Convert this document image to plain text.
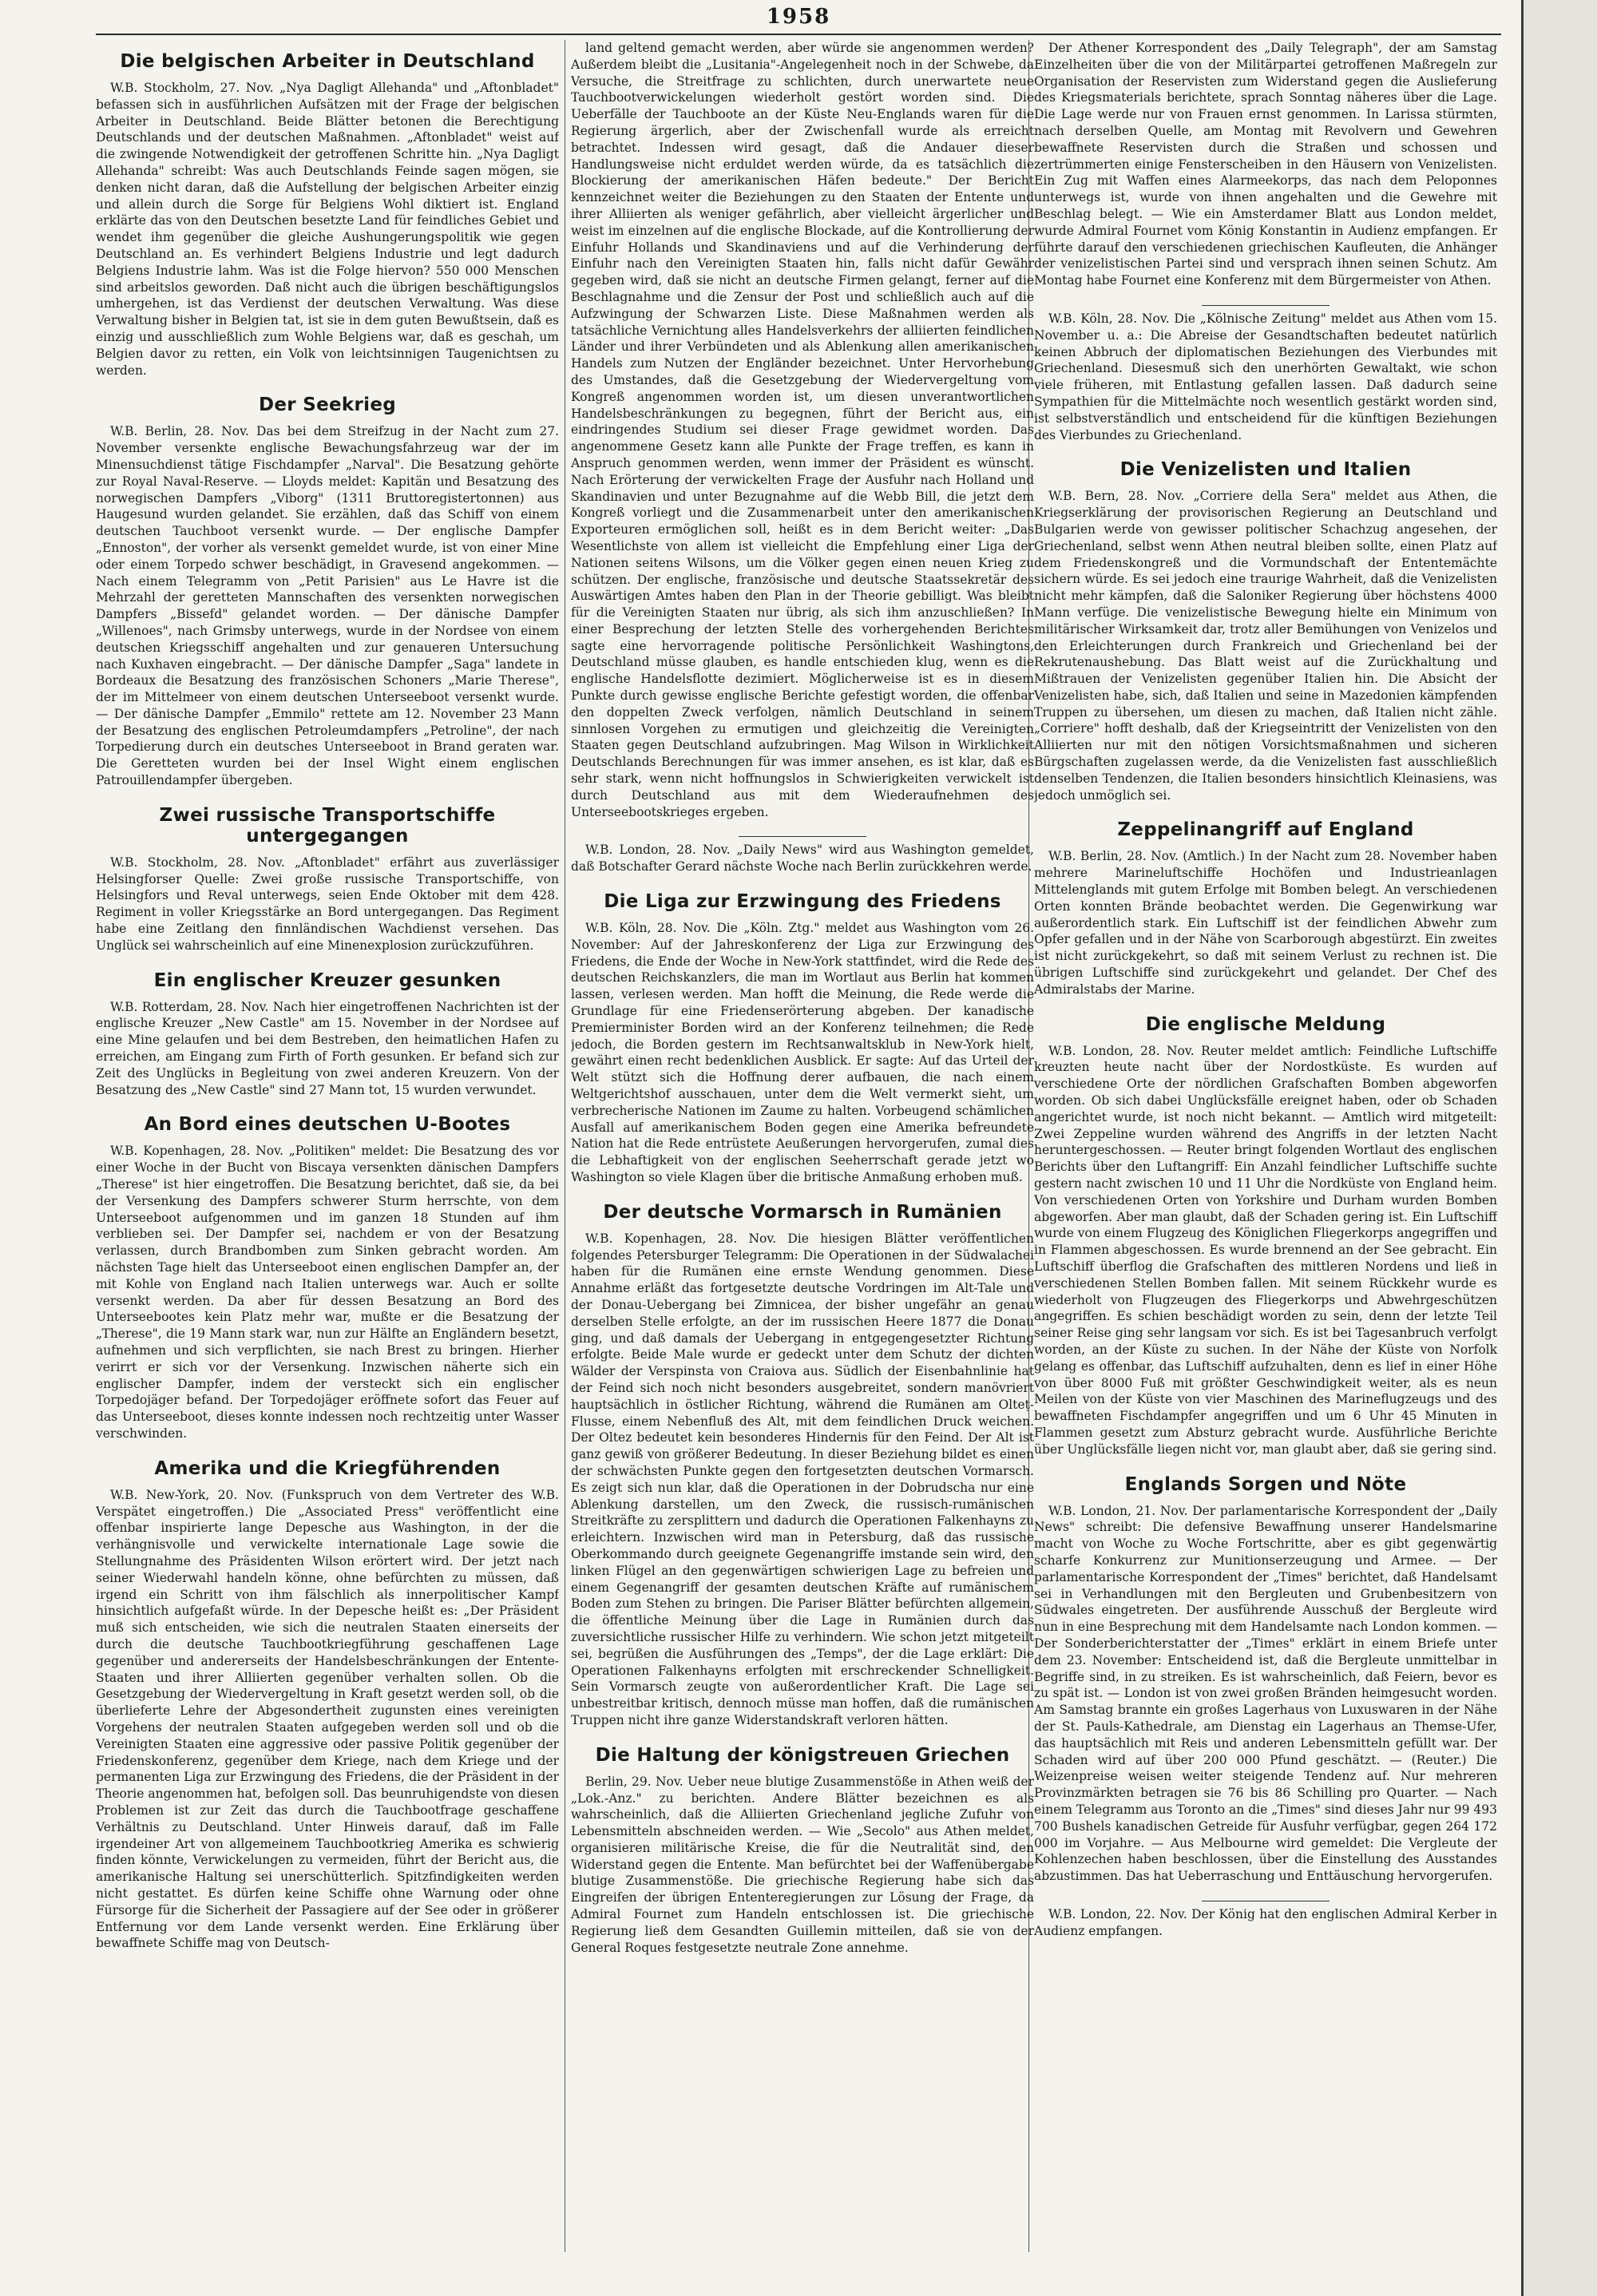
1958
Die belgischen Arbeiter in Deutschland

W.B. Stockholm, 27. Nov. „Nya Dagligt Allehanda" und „Aftonbladet" befassen sich in ausführlichen Aufsätzen mit der Frage der belgischen Arbeiter in Deutschland. Beide Blätter betonen die Berechtigung Deutschlands und der deutschen Maßnahmen. „Aftonbladet" weist auf die zwingende Notwendigkeit der getroffenen Schritte hin. „Nya Dagligt Allehanda" schreibt: Was auch Deutschlands Feinde sagen mögen, sie denken nicht daran, daß die Aufstellung der belgischen Arbeiter einzig und allein durch die Sorge für Belgiens Wohl diktiert ist. England erklärte das von den Deutschen besetzte Land für feindliches Gebiet und wendet ihm gegenüber die gleiche Aushungerungspolitik wie gegen Deutschland an. Es verhindert Belgiens Industrie und legt dadurch Belgiens Industrie lahm. Was ist die Folge hiervon? 550 000 Menschen sind arbeitslos geworden. Daß nicht auch die übrigen beschäftigungslos umhergehen, ist das Verdienst der deutschen Verwaltung. Was diese Verwaltung bisher in Belgien tat, ist sie in dem guten Bewußtsein, daß es einzig und ausschließlich zum Wohle Belgiens war, daß es geschah, um Belgien davor zu retten, ein Volk von leichtsinnigen Taugenichtsen zu werden.

Der Seekrieg

W.B. Berlin, 28. Nov. Das bei dem Streifzug in der Nacht zum 27. November versenkte englische Bewachungsfahrzeug war der im Minensuchdienst tätige Fischdampfer „Narval". Die Besatzung gehörte zur Royal Naval-Reserve. — Lloyds meldet: Kapitän und Besatzung des norwegischen Dampfers „Viborg" (1311 Bruttoregistertonnen) aus Haugesund wurden gelandet. Sie erzählen, daß das Schiff von einem deutschen Tauchboot versenkt wurde. — Der englische Dampfer „Ennoston", der vorher als versenkt gemeldet wurde, ist von einer Mine oder einem Torpedo schwer beschädigt, in Gravesend angekommen. — Nach einem Telegramm von „Petit Parisien" aus Le Havre ist die Mehrzahl der geretteten Mannschaften des versenkten norwegischen Dampfers „Bissefd" gelandet worden. — Der dänische Dampfer „Willenoes", nach Grimsby unterwegs, wurde in der Nordsee von einem deutschen Kriegsschiff angehalten und zur genaueren Untersuchung nach Kuxhaven eingebracht. — Der dänische Dampfer „Saga" landete in Bordeaux die Besatzung des französischen Schoners „Marie Therese", der im Mittelmeer von einem deutschen Unterseeboot versenkt wurde. — Der dänische Dampfer „Emmilo" rettete am 12. November 23 Mann der Besatzung des englischen Petroleumdampfers „Petroline", der nach Torpedierung durch ein deutsches Unterseeboot in Brand geraten war. Die Geretteten wurden bei der Insel Wight einem englischen Patrouillendampfer übergeben.

Zwei russische Transportschiffe untergegangen

W.B. Stockholm, 28. Nov. „Aftonbladet" erfährt aus zuverlässiger Helsingforser Quelle: Zwei große russische Transportschiffe, von Helsingfors und Reval unterwegs, seien Ende Oktober mit dem 428. Regiment in voller Kriegsstärke an Bord untergegangen. Das Regiment habe eine Zeitlang den finnländischen Wachdienst versehen. Das Unglück sei wahrscheinlich auf eine Minenexplosion zurückzuführen.

Ein englischer Kreuzer gesunken

W.B. Rotterdam, 28. Nov. Nach hier eingetroffenen Nachrichten ist der englische Kreuzer „New Castle" am 15. November in der Nordsee auf eine Mine gelaufen und bei dem Bestreben, den heimatlichen Hafen zu erreichen, am Eingang zum Firth of Forth gesunken. Er befand sich zur Zeit des Unglücks in Begleitung von zwei anderen Kreuzern. Von der Besatzung des „New Castle" sind 27 Mann tot, 15 wurden verwundet.

An Bord eines deutschen U-Bootes

W.B. Kopenhagen, 28. Nov. „Politiken" meldet: Die Besatzung des vor einer Woche in der Bucht von Biscaya versenkten dänischen Dampfers „Therese" ist hier eingetroffen. Die Besatzung berichtet, daß sie, da bei der Versenkung des Dampfers schwerer Sturm herrschte, von dem Unterseeboot aufgenommen und im ganzen 18 Stunden auf ihm verblieben sei. Der Dampfer sei, nachdem er von der Besatzung verlassen, durch Brandbomben zum Sinken gebracht worden. Am nächsten Tage hielt das Unterseeboot einen englischen Dampfer an, der mit Kohle von England nach Italien unterwegs war. Auch er sollte versenkt werden. Da aber für dessen Besatzung an Bord des Unterseebootes kein Platz mehr war, mußte er die Besatzung der „Therese", die 19 Mann stark war, nun zur Hälfte an Engländern besetzt, aufnehmen und sich verpflichten, sie nach Brest zu bringen. Hierher verirrt er sich vor der Versenkung. Inzwischen näherte sich ein englischer Dampfer, indem der versteckt sich ein englischer Torpedojäger befand. Der Torpedojäger eröffnete sofort das Feuer auf das Unterseeboot, dieses konnte indessen noch rechtzeitig unter Wasser verschwinden.

Amerika und die Kriegführenden

W.B. New-York, 20. Nov. (Funkspruch von dem Vertreter des W.B. Verspätet eingetroffen.) Die „Associated Press" veröffentlicht eine offenbar inspirierte lange Depesche aus Washington, in der die verhängnisvolle und verwickelte internationale Lage sowie die Stellungnahme des Präsidenten Wilson erörtert wird. Der jetzt nach seiner Wiederwahl handeln könne, ohne befürchten zu müssen, daß irgend ein Schritt von ihm fälschlich als innerpolitischer Kampf hinsichtlich aufgefaßt würde. In der Depesche heißt es: „Der Präsident muß sich entscheiden, wie sich die neutralen Staaten einerseits der durch die deutsche Tauchbootkriegführung geschaffenen Lage gegenüber und andererseits der Handelsbeschränkungen der Entente-Staaten und ihrer Alliierten gegenüber verhalten sollen. Ob die Gesetzgebung der Wiedervergeltung in Kraft gesetzt werden soll, ob die überlieferte Lehre der Abgesondertheit zugunsten eines vereinigten Vorgehens der neutralen Staaten aufgegeben werden soll und ob die Vereinigten Staaten eine aggressive oder passive Politik gegenüber der Friedenskonferenz, gegenüber dem Kriege, nach dem Kriege und der permanenten Liga zur Erzwingung des Friedens, die der Präsident in der Theorie angenommen hat, befolgen soll. Das beunruhigendste von diesen Problemen ist zur Zeit das durch die Tauchbootfrage geschaffene Verhältnis zu Deutschland. Unter Hinweis darauf, daß im Falle irgendeiner Art von allgemeinem Tauchbootkrieg Amerika es schwierig finden könnte, Verwickelungen zu vermeiden, führt der Bericht aus, die amerikanische Haltung sei unerschütterlich. Spitzfindigkeiten werden nicht gestattet. Es dürfen keine Schiffe ohne Warnung oder ohne Fürsorge für die Sicherheit der Passagiere auf der See oder in größerer Entfernung vor dem Lande versenkt werden. Eine Erklärung über bewaffnete Schiffe mag von Deutsch-

land geltend gemacht werden, aber würde sie angenommen werden? Außerdem bleibt die „Lusitania"-Angelegenheit noch in der Schwebe, da Versuche, die Streitfrage zu schlichten, durch unerwartete neue Tauchbootverwickelungen wiederholt gestört worden sind. Die Ueberfälle der Tauchboote an der Küste Neu-Englands waren für die Regierung ärgerlich, aber der Zwischenfall wurde als erreicht betrachtet. Indessen wird gesagt, daß die Andauer dieser Handlungsweise nicht erduldet werden würde, da es tatsächlich die Blockierung der amerikanischen Häfen bedeute." Der Bericht kennzeichnet weiter die Beziehungen zu den Staaten der Entente und ihrer Alliierten als weniger gefährlich, aber vielleicht ärgerlicher und weist im einzelnen auf die englische Blockade, auf die Kontrollierung der Einfuhr Hollands und Skandinaviens und auf die Verhinderung der Einfuhr nach den Vereinigten Staaten hin, falls nicht dafür Gewähr gegeben wird, daß sie nicht an deutsche Firmen gelangt, ferner auf die Beschlagnahme und die Zensur der Post und schließlich auch auf die Aufzwingung der Schwarzen Liste. Diese Maßnahmen werden als tatsächliche Vernichtung alles Handelsverkehrs der alliierten feindlichen Länder und ihrer Verbündeten und als Ablenkung allen amerikanischen Handels zum Nutzen der Engländer bezeichnet. Unter Hervorhebung des Umstandes, daß die Gesetzgebung der Wiedervergeltung vom Kongreß angenommen worden ist, um diesen unverantwortlichen Handelsbeschränkungen zu begegnen, führt der Bericht aus, ein eindringendes Studium sei dieser Frage gewidmet worden. Das angenommene Gesetz kann alle Punkte der Frage treffen, es kann in Anspruch genommen werden, wenn immer der Präsident es wünscht. Nach Erörterung der verwickelten Frage der Ausfuhr nach Holland und Skandinavien und unter Bezugnahme auf die Webb Bill, die jetzt dem Kongreß vorliegt und die Zusammenarbeit unter den amerikanischen Exporteuren ermöglichen soll, heißt es in dem Bericht weiter: „Das Wesentlichste von allem ist vielleicht die Empfehlung einer Liga der Nationen seitens Wilsons, um die Völker gegen einen neuen Krieg zu schützen. Der englische, französische und deutsche Staatssekretär des Auswärtigen Amtes haben den Plan in der Theorie gebilligt. Was bleibt für die Vereinigten Staaten nur übrig, als sich ihm anzuschließen? In einer Besprechung der letzten Stelle des vorhergehenden Berichtes sagte eine hervorragende politische Persönlichkeit Washingtons, Deutschland müsse glauben, es handle entschieden klug, wenn es die englische Handelsflotte dezimiert. Möglicherweise ist es in diesem Punkte durch gewisse englische Berichte gefestigt worden, die offenbar den doppelten Zweck verfolgen, nämlich Deutschland in seinem sinnlosen Vorgehen zu ermutigen und gleichzeitig die Vereinigten Staaten gegen Deutschland aufzubringen. Mag Wilson in Wirklichkeit Deutschlands Berechnungen für was immer ansehen, es ist klar, daß es sehr stark, wenn nicht hoffnungslos in Schwierigkeiten verwickelt ist durch Deutschland aus mit dem Wiederaufnehmen des Unterseebootskrieges ergeben.

W.B. London, 28. Nov. „Daily News" wird aus Washington gemeldet, daß Botschafter Gerard nächste Woche nach Berlin zurückkehren werde.

Die Liga zur Erzwingung des Friedens

W.B. Köln, 28. Nov. Die „Köln. Ztg." meldet aus Washington vom 26. November: Auf der Jahreskonferenz der Liga zur Erzwingung des Friedens, die Ende der Woche in New-York stattfindet, wird die Rede des deutschen Reichskanzlers, die man im Wortlaut aus Berlin hat kommen lassen, verlesen werden. Man hofft die Meinung, die Rede werde die Grundlage für eine Friedenserörterung abgeben. Der kanadische Premierminister Borden wird an der Konferenz teilnehmen; die Rede jedoch, die Borden gestern im Rechtsanwaltsklub in New-York hielt, gewährt einen recht bedenklichen Ausblick. Er sagte: Auf das Urteil der Welt stützt sich die Hoffnung derer aufbauen, die nach einem Weltgerichtshof ausschauen, unter dem die Welt vermerkt sieht, um verbrecherische Nationen im Zaume zu halten. Vorbeugend schämlichen Ausfall auf amerikanischem Boden gegen eine Amerika befreundete Nation hat die Rede entrüstete Aeußerungen hervorgerufen, zumal dies die Lebhaftigkeit von der englischen Seeherrschaft gerade jetzt wo Washington so viele Klagen über die britische Anmaßung erhoben muß.

Der deutsche Vormarsch in Rumänien

W.B. Kopenhagen, 28. Nov. Die hiesigen Blätter veröffentlichen folgendes Petersburger Telegramm: Die Operationen in der Südwalachei haben für die Rumänen eine ernste Wendung genommen. Diese Annahme erläßt das fortgesetzte deutsche Vordringen im Alt-Tale und der Donau-Uebergang bei Zimnicea, der bisher ungefähr an genau derselben Stelle erfolgte, an der im russischen Heere 1877 die Donau ging, und daß damals der Uebergang in entgegengesetzter Richtung erfolgte. Beide Male wurde er gedeckt unter dem Schutz der dichten Wälder der Verspinsta von Craiova aus. Südlich der Eisenbahnlinie hat der Feind sich noch nicht besonders ausgebreitet, sondern manövriert hauptsächlich in östlicher Richtung, während die Rumänen am Olteț-Flusse, einem Nebenfluß des Alt, mit dem feindlichen Druck weichen. Der Oltez bedeutet kein besonderes Hindernis für den Feind. Der Alt ist ganz gewiß von größerer Bedeutung. In dieser Beziehung bildet es einen der schwächsten Punkte gegen den fortgesetzten deutschen Vormarsch. Es zeigt sich nun klar, daß die Operationen in der Dobrudscha nur eine Ablenkung darstellen, um den Zweck, die russisch-rumänischen Streitkräfte zu zersplittern und dadurch die Operationen Falkenhayns zu erleichtern. Inzwischen wird man in Petersburg, daß das russische Oberkommando durch geeignete Gegenangriffe imstande sein wird, den linken Flügel an den gegenwärtigen schwierigen Lage zu befreien und einem Gegenangriff der gesamten deutschen Kräfte auf rumänischem Boden zum Stehen zu bringen. Die Pariser Blätter befürchten allgemein, die öffentliche Meinung über die Lage in Rumänien durch das zuversichtliche russischer Hilfe zu verhindern. Wie schon jetzt mitgeteilt sei, begrüßen die Ausführungen des „Temps", der die Lage erklärt: Die Operationen Falkenhayns erfolgten mit erschreckender Schnelligkeit. Sein Vormarsch zeugte von außerordentlicher Kraft. Die Lage sei unbestreitbar kritisch, dennoch müsse man hoffen, daß die rumänischen Truppen nicht ihre ganze Widerstandskraft verloren hätten.

Die Haltung der königstreuen Griechen

Berlin, 29. Nov. Ueber neue blutige Zusammenstöße in Athen weiß der „Lok.-Anz." zu berichten. Andere Blätter bezeichnen es als wahrscheinlich, daß die Alliierten Griechenland jegliche Zufuhr von Lebensmitteln abschneiden werden. — Wie „Secolo" aus Athen meldet, organisieren militärische Kreise, die für die Neutralität sind, den Widerstand gegen die Entente. Man befürchtet bei der Waffenübergabe blutige Zusammenstöße. Die griechische Regierung habe sich das Eingreifen der übrigen Ententeregierungen zur Lösung der Frage, da Admiral Fournet zum Handeln entschlossen ist. Die griechische Regierung ließ dem Gesandten Guillemin mitteilen, daß sie von der General Roques festgesetzte neutrale Zone annehme.

Der Athener Korrespondent des „Daily Telegraph", der am Samstag Einzelheiten über die von der Militärpartei getroffenen Maßregeln zur Organisation der Reservisten zum Widerstand gegen die Auslieferung des Kriegsmaterials berichtete, sprach Sonntag näheres über die Lage. Die Lage werde nur von Frauen ernst genommen. In Larissa stürmten, nach derselben Quelle, am Montag mit Revolvern und Gewehren bewaffnete Reservisten durch die Straßen und schossen und zertrümmerten einige Fensterscheiben in den Häusern von Venizelisten. Ein Zug mit Waffen eines Alarmeekorps, das nach dem Peloponnes unterwegs ist, wurde von ihnen angehalten und die Gewehre mit Beschlag belegt. — Wie ein Amsterdamer Blatt aus London meldet, wurde Admiral Fournet vom König Konstantin in Audienz empfangen. Er führte darauf den verschiedenen griechischen Kaufleuten, die Anhänger der venizelistischen Partei sind und versprach ihnen seinen Schutz. Am Montag habe Fournet eine Konferenz mit dem Bürgermeister von Athen.

W.B. Köln, 28. Nov. Die „Kölnische Zeitung" meldet aus Athen vom 15. November u. a.: Die Abreise der Gesandtschaften bedeutet natürlich keinen Abbruch der diplomatischen Beziehungen des Vierbundes mit Griechenland. Diesesmuß sich den unerhörten Gewaltakt, wie schon viele früheren, mit Entlastung gefallen lassen. Daß dadurch seine Sympathien für die Mittelmächte noch wesentlich gestärkt worden sind, ist selbstverständlich und entscheidend für die künftigen Beziehungen des Vierbundes zu Griechenland.

Die Venizelisten und Italien

W.B. Bern, 28. Nov. „Corriere della Sera" meldet aus Athen, die Kriegserklärung der provisorischen Regierung an Deutschland und Bulgarien werde von gewisser politischer Schachzug angesehen, der Griechenland, selbst wenn Athen neutral bleiben sollte, einen Platz auf dem Friedenskongreß und die Vormundschaft der Ententemächte sichern würde. Es sei jedoch eine traurige Wahrheit, daß die Venizelisten nicht mehr kämpfen, daß die Saloniker Regierung über höchstens 4000 Mann verfüge. Die venizelistische Bewegung hielte ein Minimum von militärischer Wirksamkeit dar, trotz aller Bemühungen von Venizelos und den Erleichterungen durch Frankreich und Griechenland bei der Rekrutenaushebung. Das Blatt weist auf die Zurückhaltung und Mißtrauen der Venizelisten gegenüber Italien hin. Die Absicht der Venizelisten habe, sich, daß Italien und seine in Mazedonien kämpfenden Truppen zu übersehen, um diesen zu machen, daß Italien nicht zähle. „Corriere" hofft deshalb, daß der Kriegseintritt der Venizelisten von den Alliierten nur mit den nötigen Vorsichtsmaßnahmen und sicheren Bürgschaften zugelassen werde, da die Venizelisten fast ausschließlich denselben Tendenzen, die Italien besonders hinsichtlich Kleinasiens, was jedoch unmöglich sei.

Zeppelinangriff auf England

W.B. Berlin, 28. Nov. (Amtlich.) In der Nacht zum 28. November haben mehrere Marineluftschiffe Hochöfen und Industrieanlagen Mittelenglands mit gutem Erfolge mit Bomben belegt. An verschiedenen Orten konnten Brände beobachtet werden. Die Gegenwirkung war außerordentlich stark. Ein Luftschiff ist der feindlichen Abwehr zum Opfer gefallen und in der Nähe von Scarborough abgestürzt. Ein zweites ist nicht zurückgekehrt, so daß mit seinem Verlust zu rechnen ist. Die übrigen Luftschiffe sind zurückgekehrt und gelandet. Der Chef des Admiralstabs der Marine.

Die englische Meldung

W.B. London, 28. Nov. Reuter meldet amtlich: Feindliche Luftschiffe kreuzten heute nacht über der Nordostküste. Es wurden auf verschiedene Orte der nördlichen Grafschaften Bomben abgeworfen worden. Ob sich dabei Unglücksfälle ereignet haben, oder ob Schaden angerichtet wurde, ist noch nicht bekannt. — Amtlich wird mitgeteilt: Zwei Zeppeline wurden während des Angriffs in der letzten Nacht heruntergeschossen. — Reuter bringt folgenden Wortlaut des englischen Berichts über den Luftangriff: Ein Anzahl feindlicher Luftschiffe suchte gestern nacht zwischen 10 und 11 Uhr die Nordküste von England heim. Von verschiedenen Orten von Yorkshire und Durham wurden Bomben abgeworfen. Aber man glaubt, daß der Schaden gering ist. Ein Luftschiff wurde von einem Flugzeug des Königlichen Fliegerkorps angegriffen und in Flammen abgeschossen. Es wurde brennend an der See gebracht. Ein Luftschiff überflog die Grafschaften des mittleren Nordens und ließ in verschiedenen Stellen Bomben fallen. Mit seinem Rückkehr wurde es wiederholt von Flugzeugen des Fliegerkorps und Abwehrgeschützen angegriffen. Es schien beschädigt worden zu sein, denn der letzte Teil seiner Reise ging sehr langsam vor sich. Es ist bei Tagesanbruch verfolgt worden, an der Küste zu suchen. In der Nähe der Küste von Norfolk gelang es offenbar, das Luftschiff aufzuhalten, denn es lief in einer Höhe von über 8000 Fuß mit größter Geschwindigkeit weiter, als es neun Meilen von der Küste von vier Maschinen des Marineflugzeugs und des bewaffneten Fischdampfer angegriffen und um 6 Uhr 45 Minuten in Flammen gesetzt zum Absturz gebracht wurde. Ausführliche Berichte über Unglücksfälle liegen nicht vor, man glaubt aber, daß sie gering sind.

Englands Sorgen und Nöte

W.B. London, 21. Nov. Der parlamentarische Korrespondent der „Daily News" schreibt: Die defensive Bewaffnung unserer Handelsmarine macht von Woche zu Woche Fortschritte, aber es gibt gegenwärtig scharfe Konkurrenz zur Munitionserzeugung und Armee. — Der parlamentarische Korrespondent der „Times" berichtet, daß Handelsamt sei in Verhandlungen mit den Bergleuten und Grubenbesitzern von Südwales eingetreten. Der ausführende Ausschuß der Bergleute wird nun in eine Besprechung mit dem Handelsamte nach London kommen. — Der Sonderberichterstatter der „Times" erklärt in einem Briefe unter dem 23. November: Entscheidend ist, daß die Bergleute unmittelbar in Begriffe sind, in zu streiken. Es ist wahrscheinlich, daß Feiern, bevor es zu spät ist. — London ist von zwei großen Bränden heimgesucht worden. Am Samstag brannte ein großes Lagerhaus von Luxuswaren in der Nähe der St. Pauls-Kathedrale, am Dienstag ein Lagerhaus an Themse-Ufer, das hauptsächlich mit Reis und anderen Lebensmitteln gefüllt war. Der Schaden wird auf über 200 000 Pfund geschätzt. — (Reuter.) Die Weizenpreise weisen weiter steigende Tendenz auf. Nur mehreren Provinzmärkten betragen sie 76 bis 86 Schilling pro Quarter. — Nach einem Telegramm aus Toronto an die „Times" sind dieses Jahr nur 99 493 700 Bushels kanadischen Getreide für Ausfuhr verfügbar, gegen 264 172 000 im Vorjahre. — Aus Melbourne wird gemeldet: Die Vergleute der Kohlenzechen haben beschlossen, über die Einstellung des Ausstandes abzustimmen. Das hat Ueberraschung und Enttäuschung hervorgerufen.

W.B. London, 22. Nov. Der König hat den englischen Admiral Kerber in Audienz empfangen.
